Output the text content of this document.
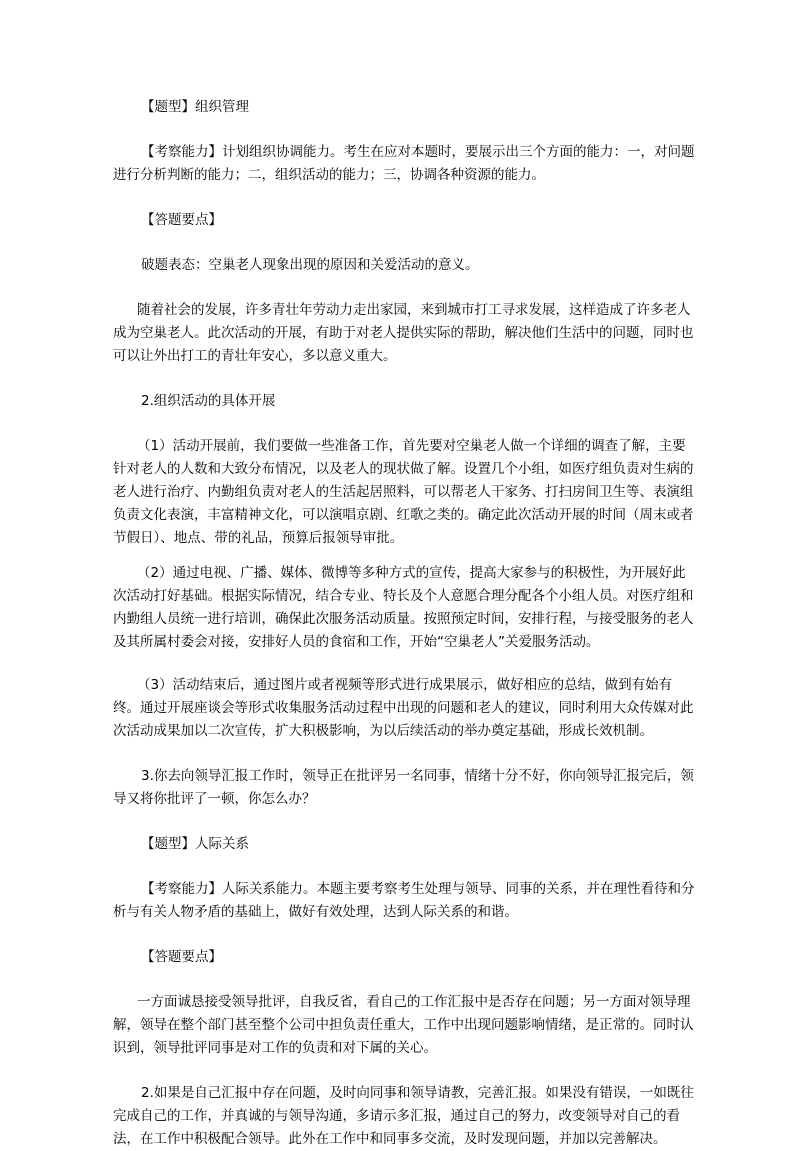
【题型】组织管理

【考察能力】计划组织协调能力。考生在应对本题时，要展示出三个方面的能力：一，对问题进行分析判断的能力；二，组织活动的能力；三，协调各种资源的能力。

【答题要点】

破题表态：空巢老人现象出现的原因和关爱活动的意义。

随着社会的发展，许多青壮年劳动力走出家园，来到城市打工寻求发展，这样造成了许多老人成为空巢老人。此次活动的开展，有助于对老人提供实际的帮助，解决他们生活中的问题，同时也可以让外出打工的青壮年安心，多以意义重大。

2.组织活动的具体开展

（1）活动开展前，我们要做一些准备工作，首先要对空巢老人做一个详细的调查了解，主要针对老人的人数和大致分布情况，以及老人的现状做了解。设置几个小组，如医疗组负责对生病的老人进行治疗、内勤组负责对老人的生活起居照料，可以帮老人干家务、打扫房间卫生等、表演组负责文化表演，丰富精神文化，可以演唱京剧、红歌之类的。确定此次活动开展的时间（周末或者节假日）、地点、带的礼品，预算后报领导审批。

（2）通过电视、广播、媒体、微博等多种方式的宣传，提高大家参与的积极性，为开展好此次活动打好基础。根据实际情况，结合专业、特长及个人意愿合理分配各个小组人员。对医疗组和内勤组人员统一进行培训，确保此次服务活动质量。按照预定时间，安排行程，与接受服务的老人及其所属村委会对接，安排好人员的食宿和工作，开始“空巢老人”关爱服务活动。

（3）活动结束后，通过图片或者视频等形式进行成果展示，做好相应的总结，做到有始有终。通过开展座谈会等形式收集服务活动过程中出现的问题和老人的建议，同时利用大众传媒对此次活动成果加以二次宣传，扩大积极影响，为以后续活动的举办奠定基础，形成长效机制。

3.你去向领导汇报工作时，领导正在批评另一名同事，情绪十分不好，你向领导汇报完后，领导又将你批评了一顿，你怎么办？

【题型】人际关系

【考察能力】人际关系能力。本题主要考察考生处理与领导、同事的关系，并在理性看待和分析与有关人物矛盾的基础上，做好有效处理，达到人际关系的和谐。

【答题要点】

一方面诚恳接受领导批评，自我反省，看自己的工作汇报中是否存在问题；另一方面对领导理解，领导在整个部门甚至整个公司中担负责任重大，工作中出现问题影响情绪，是正常的。同时认识到，领导批评同事是对工作的负责和对下属的关心。

2.如果是自己汇报中存在问题，及时向同事和领导请教，完善汇报。如果没有错误，一如既往完成自己的工作，并真诚的与领导沟通，多请示多汇报，通过自己的努力，改变领导对自己的看法，在工作中积极配合领导。此外在工作中和同事多交流，及时发现问题，并加以完善解决。
